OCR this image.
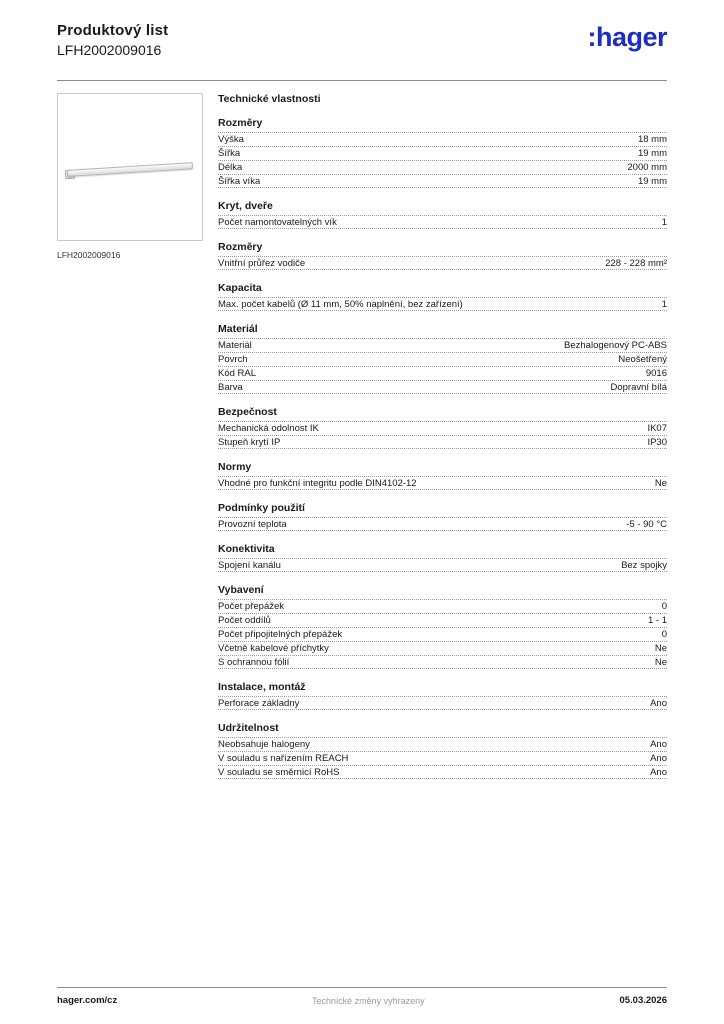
Produktový list
LFH2002009016	:hager
LFH2002009016
Technické vlastnosti
Rozměry
Výška	18 mm
Šířka	19 mm
Délka	2000 mm
Šířka víka	19 mm
Kryt, dveře
Počet namontovatelných vík	1
Rozměry
Vnitřní průřez vodiče	228 - 228 mm²
Kapacita
Max. počet kabelů (Ø 11 mm, 50% naplnění, bez zařízení)	1
Materiál
Materiál	Bezhalogenový PC-ABS
Povrch	Neošetřený
Kód RAL	9016
Barva	Dopravní bílá
Bezpečnost
Mechanická odolnost IK	IK07
Stupeň krytí IP	IP30
Normy
Vhodné pro funkční integritu podle DIN4102-12	Ne
Podmínky použití
Provozní teplota	-5 - 90 °C
Konektivita
Spojení kanálu	Bez spojky
Vybavení
Počet přepážek	0
Počet oddílů	1 - 1
Počet připojitelných přepážek	0
Včetně kabelové příchytky	Ne
S ochrannou fólií	Ne
Instalace, montáž
Perforace základny	Ano
Udržitelnost
Neobsahuje halogeny	Ano
V souladu s nařízením REACH	Ano
V souladu se směrnicí RoHS	Ano
hager.com/cz	Technické změny vyhrazeny	05.03.2026
